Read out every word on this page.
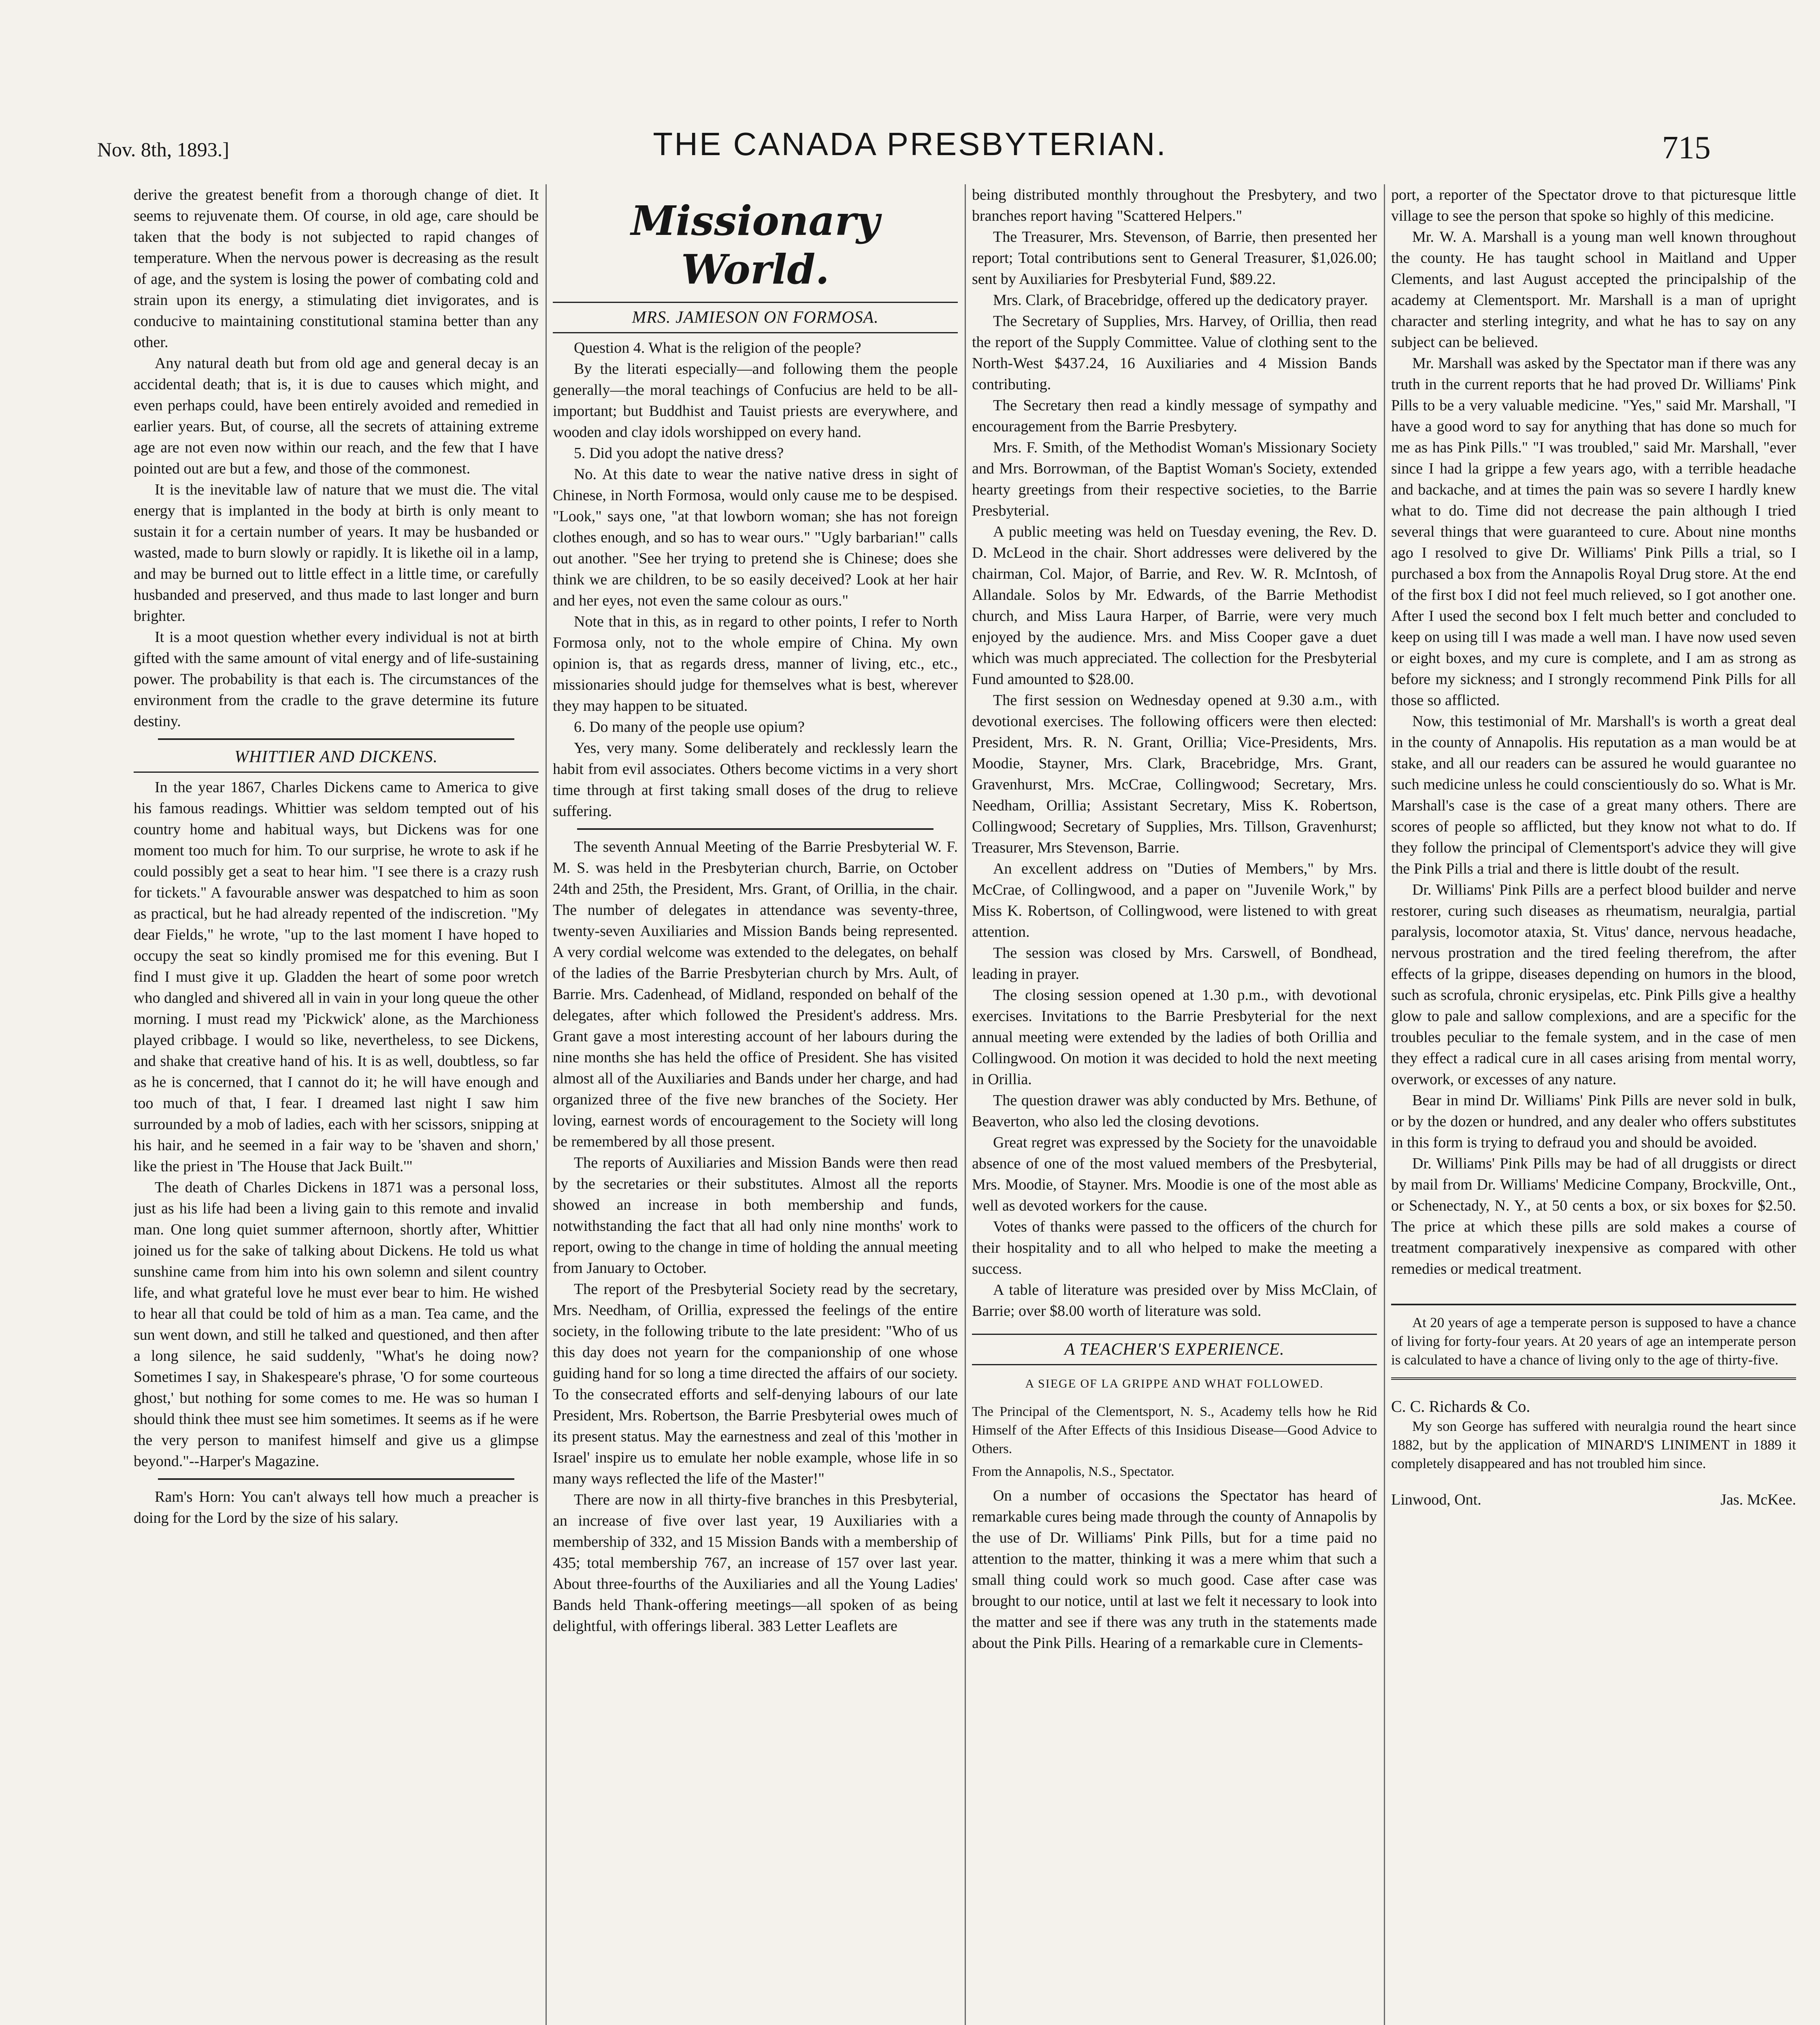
Nov. 8th, 1893.]	THE CANADA PRESBYTERIAN.	715

derive the greatest benefit from a thorough change of diet. It seems to rejuvenate them. Of course, in old age, care should be taken that the body is not subjected to rapid changes of temperature. When the nervous power is decreasing as the result of age, and the system is losing the power of combating cold and strain upon its energy, a stimulating diet invigorates, and is conducive to maintaining constitutional stamina better than any other.

Any natural death but from old age and general decay is an accidental death; that is, it is due to causes which might, and even perhaps could, have been entirely avoided and remedied in earlier years. But, of course, all the secrets of attaining extreme age are not even now within our reach, and the few that I have pointed out are but a few, and those of the commonest.

It is the inevitable law of nature that we must die. The vital energy that is implanted in the body at birth is only meant to sustain it for a certain number of years. It may be husbanded or wasted, made to burn slowly or rapidly. It is likethe oil in a lamp, and may be burned out to little effect in a little time, or carefully husbanded and preserved, and thus made to last longer and burn brighter.

It is a moot question whether every individual is not at birth gifted with the same amount of vital energy and of life-sustaining power. The probability is that each is. The circumstances of the environment from the cradle to the grave determine its future destiny.

WHITTIER AND DICKENS.

In the year 1867, Charles Dickens came to America to give his famous readings. Whittier was seldom tempted out of his country home and habitual ways, but Dickens was for one moment too much for him. To our surprise, he wrote to ask if he could possibly get a seat to hear him. "I see there is a crazy rush for tickets." A favourable answer was despatched to him as soon as practical, but he had already repented of the indiscretion. "My dear Fields," he wrote, "up to the last moment I have hoped to occupy the seat so kindly promised me for this evening. But I find I must give it up. Gladden the heart of some poor wretch who dangled and shivered all in vain in your long queue the other morning. I must read my 'Pickwick' alone, as the Marchioness played cribbage. I would so like, nevertheless, to see Dickens, and shake that creative hand of his. It is as well, doubtless, so far as he is concerned, that I cannot do it; he will have enough and too much of that, I fear. I dreamed last night I saw him surrounded by a mob of ladies, each with her scissors, snipping at his hair, and he seemed in a fair way to be 'shaven and shorn,' like the priest in 'The House that Jack Built.'"

The death of Charles Dickens in 1871 was a personal loss, just as his life had been a living gain to this remote and invalid man. One long quiet summer afternoon, shortly after, Whittier joined us for the sake of talking about Dickens. He told us what sunshine came from him into his own solemn and silent country life, and what grateful love he must ever bear to him. He wished to hear all that could be told of him as a man. Tea came, and the sun went down, and still he talked and questioned, and then after a long silence, he said suddenly, "What's he doing now? Sometimes I say, in Shakespeare's phrase, 'O for some courteous ghost,' but nothing for some comes to me. He was so human I should think thee must see him sometimes. It seems as if he were the very person to manifest himself and give us a glimpse beyond."--Harper's Magazine.

Ram's Horn: You can't always tell how much a preacher is doing for the Lord by the size of his salary.

Missionary World.
MRS. JAMIESON ON FORMOSA.

Question 4. What is the religion of the people?

By the literati especially—and following them the people generally—the moral teachings of Confucius are held to be all-important; but Buddhist and Tauist priests are everywhere, and wooden and clay idols worshipped on every hand.

5. Did you adopt the native dress?

No. At this date to wear the native native dress in sight of Chinese, in North Formosa, would only cause me to be despised. "Look," says one, "at that lowborn woman; she has not foreign clothes enough, and so has to wear ours." "Ugly barbarian!" calls out another. "See her trying to pretend she is Chinese; does she think we are children, to be so easily deceived? Look at her hair and her eyes, not even the same colour as ours."

Note that in this, as in regard to other points, I refer to North Formosa only, not to the whole empire of China. My own opinion is, that as regards dress, manner of living, etc., etc., missionaries should judge for themselves what is best, wherever they may happen to be situated.

6. Do many of the people use opium?

Yes, very many. Some deliberately and recklessly learn the habit from evil associates. Others become victims in a very short time through at first taking small doses of the drug to relieve suffering.

The seventh Annual Meeting of the Barrie Presbyterial W. F. M. S. was held in the Presbyterian church, Barrie, on October 24th and 25th, the President, Mrs. Grant, of Orillia, in the chair. The number of delegates in attendance was seventy-three, twenty-seven Auxiliaries and Mission Bands being represented. A very cordial welcome was extended to the delegates, on behalf of the ladies of the Barrie Presbyterian church by Mrs. Ault, of Barrie. Mrs. Cadenhead, of Midland, responded on behalf of the delegates, after which followed the President's address. Mrs. Grant gave a most interesting account of her labours during the nine months she has held the office of President. She has visited almost all of the Auxiliaries and Bands under her charge, and had organized three of the five new branches of the Society. Her loving, earnest words of encouragement to the Society will long be remembered by all those present.

The reports of Auxiliaries and Mission Bands were then read by the secretaries or their substitutes. Almost all the reports showed an increase in both membership and funds, notwithstanding the fact that all had only nine months' work to report, owing to the change in time of holding the annual meeting from January to October.

The report of the Presbyterial Society read by the secretary, Mrs. Needham, of Orillia, expressed the feelings of the entire society, in the following tribute to the late president: "Who of us this day does not yearn for the companionship of one whose guiding hand for so long a time directed the affairs of our society. To the consecrated efforts and self-denying labours of our late President, Mrs. Robertson, the Barrie Presbyterial owes much of its present status. May the earnestness and zeal of this 'mother in Israel' inspire us to emulate her noble example, whose life in so many ways reflected the life of the Master!"

There are now in all thirty-five branches in this Presbyterial, an increase of five over last year, 19 Auxiliaries with a membership of 332, and 15 Mission Bands with a membership of 435; total membership 767, an increase of 157 over last year. About three-fourths of the Auxiliaries and all the Young Ladies' Bands held Thank-offering meetings—all spoken of as being delightful, with offerings liberal. 383 Letter Leaflets are

being distributed monthly throughout the Presbytery, and two branches report having "Scattered Helpers."

The Treasurer, Mrs. Stevenson, of Barrie, then presented her report; Total contributions sent to General Treasurer, $1,026.00; sent by Auxiliaries for Presbyterial Fund, $89.22.

Mrs. Clark, of Bracebridge, offered up the dedicatory prayer.

The Secretary of Supplies, Mrs. Harvey, of Orillia, then read the report of the Supply Committee. Value of clothing sent to the North-West $437.24, 16 Auxiliaries and 4 Mission Bands contributing.

The Secretary then read a kindly message of sympathy and encouragement from the Barrie Presbytery.

Mrs. F. Smith, of the Methodist Woman's Missionary Society and Mrs. Borrowman, of the Baptist Woman's Society, extended hearty greetings from their respective societies, to the Barrie Presbyterial.

A public meeting was held on Tuesday evening, the Rev. D. D. McLeod in the chair. Short addresses were delivered by the chairman, Col. Major, of Barrie, and Rev. W. R. McIntosh, of Allandale. Solos by Mr. Edwards, of the Barrie Methodist church, and Miss Laura Harper, of Barrie, were very much enjoyed by the audience. Mrs. and Miss Cooper gave a duet which was much appreciated. The collection for the Presbyterial Fund amounted to $28.00.

The first session on Wednesday opened at 9.30 a.m., with devotional exercises. The following officers were then elected: President, Mrs. R. N. Grant, Orillia; Vice-Presidents, Mrs. Moodie, Stayner, Mrs. Clark, Bracebridge, Mrs. Grant, Gravenhurst, Mrs. McCrae, Collingwood; Secretary, Mrs. Needham, Orillia; Assistant Secretary, Miss K. Robertson, Collingwood; Secretary of Supplies, Mrs. Tillson, Gravenhurst; Treasurer, Mrs Stevenson, Barrie.

An excellent address on "Duties of Members," by Mrs. McCrae, of Collingwood, and a paper on "Juvenile Work," by Miss K. Robertson, of Collingwood, were listened to with great attention.

The session was closed by Mrs. Carswell, of Bondhead, leading in prayer.

The closing session opened at 1.30 p.m., with devotional exercises. Invitations to the Barrie Presbyterial for the next annual meeting were extended by the ladies of both Orillia and Collingwood. On motion it was decided to hold the next meeting in Orillia.

The question drawer was ably conducted by Mrs. Bethune, of Beaverton, who also led the closing devotions.

Great regret was expressed by the Society for the unavoidable absence of one of the most valued members of the Presbyterial, Mrs. Moodie, of Stayner. Mrs. Moodie is one of the most able as well as devoted workers for the cause.

Votes of thanks were passed to the officers of the church for their hospitality and to all who helped to make the meeting a success.

A table of literature was presided over by Miss McClain, of Barrie; over $8.00 worth of literature was sold.

A TEACHER'S EXPERIENCE.
A SIEGE OF LA GRIPPE AND WHAT FOLLOWED.

The Principal of the Clementsport, N. S., Academy tells how he Rid Himself of the After Effects of this Insidious Disease—Good Advice to Others.

From the Annapolis, N.S., Spectator.

On a number of occasions the Spectator has heard of remarkable cures being made through the county of Annapolis by the use of Dr. Williams' Pink Pills, but for a time paid no attention to the matter, thinking it was a mere whim that such a small thing could work so much good. Case after case was brought to our notice, until at last we felt it necessary to look into the matter and see if there was any truth in the statements made about the Pink Pills. Hearing of a remarkable cure in Clements-

port, a reporter of the Spectator drove to that picturesque little village to see the person that spoke so highly of this medicine.

Mr. W. A. Marshall is a young man well known throughout the county. He has taught school in Maitland and Upper Clements, and last August accepted the principalship of the academy at Clementsport. Mr. Marshall is a man of upright character and sterling integrity, and what he has to say on any subject can be believed.

Mr. Marshall was asked by the Spectator man if there was any truth in the current reports that he had proved Dr. Williams' Pink Pills to be a very valuable medicine. "Yes," said Mr. Marshall, "I have a good word to say for anything that has done so much for me as has Pink Pills." "I was troubled," said Mr. Marshall, "ever since I had la grippe a few years ago, with a terrible headache and backache, and at times the pain was so severe I hardly knew what to do. Time did not decrease the pain although I tried several things that were guaranteed to cure. About nine months ago I resolved to give Dr. Williams' Pink Pills a trial, so I purchased a box from the Annapolis Royal Drug store. At the end of the first box I did not feel much relieved, so I got another one. After I used the second box I felt much better and concluded to keep on using till I was made a well man. I have now used seven or eight boxes, and my cure is complete, and I am as strong as before my sickness; and I strongly recommend Pink Pills for all those so afflicted.

Now, this testimonial of Mr. Marshall's is worth a great deal in the county of Annapolis. His reputation as a man would be at stake, and all our readers can be assured he would guarantee no such medicine unless he could conscientiously do so. What is Mr. Marshall's case is the case of a great many others. There are scores of people so afflicted, but they know not what to do. If they follow the principal of Clementsport's advice they will give the Pink Pills a trial and there is little doubt of the result.

Dr. Williams' Pink Pills are a perfect blood builder and nerve restorer, curing such diseases as rheumatism, neuralgia, partial paralysis, locomotor ataxia, St. Vitus' dance, nervous headache, nervous prostration and the tired feeling therefrom, the after effects of la grippe, diseases depending on humors in the blood, such as scrofula, chronic erysipelas, etc. Pink Pills give a healthy glow to pale and sallow complexions, and are a specific for the troubles peculiar to the female system, and in the case of men they effect a radical cure in all cases arising from mental worry, overwork, or excesses of any nature.

Bear in mind Dr. Williams' Pink Pills are never sold in bulk, or by the dozen or hundred, and any dealer who offers substitutes in this form is trying to defraud you and should be avoided.

Dr. Williams' Pink Pills may be had of all druggists or direct by mail from Dr. Williams' Medicine Company, Brockville, Ont., or Schenectady, N. Y., at 50 cents a box, or six boxes for $2.50. The price at which these pills are sold makes a course of treatment comparatively inexpensive as compared with other remedies or medical treatment.

At 20 years of age a temperate person is supposed to have a chance of living for forty-four years. At 20 years of age an intemperate person is calculated to have a chance of living only to the age of thirty-five.

C. C. Richards & Co.

My son George has suffered with neuralgia round the heart since 1882, but by the application of MINARD'S LINIMENT in 1889 it completely disappeared and has not troubled him since.

Linwood, Ont.	Jas. McKee.
